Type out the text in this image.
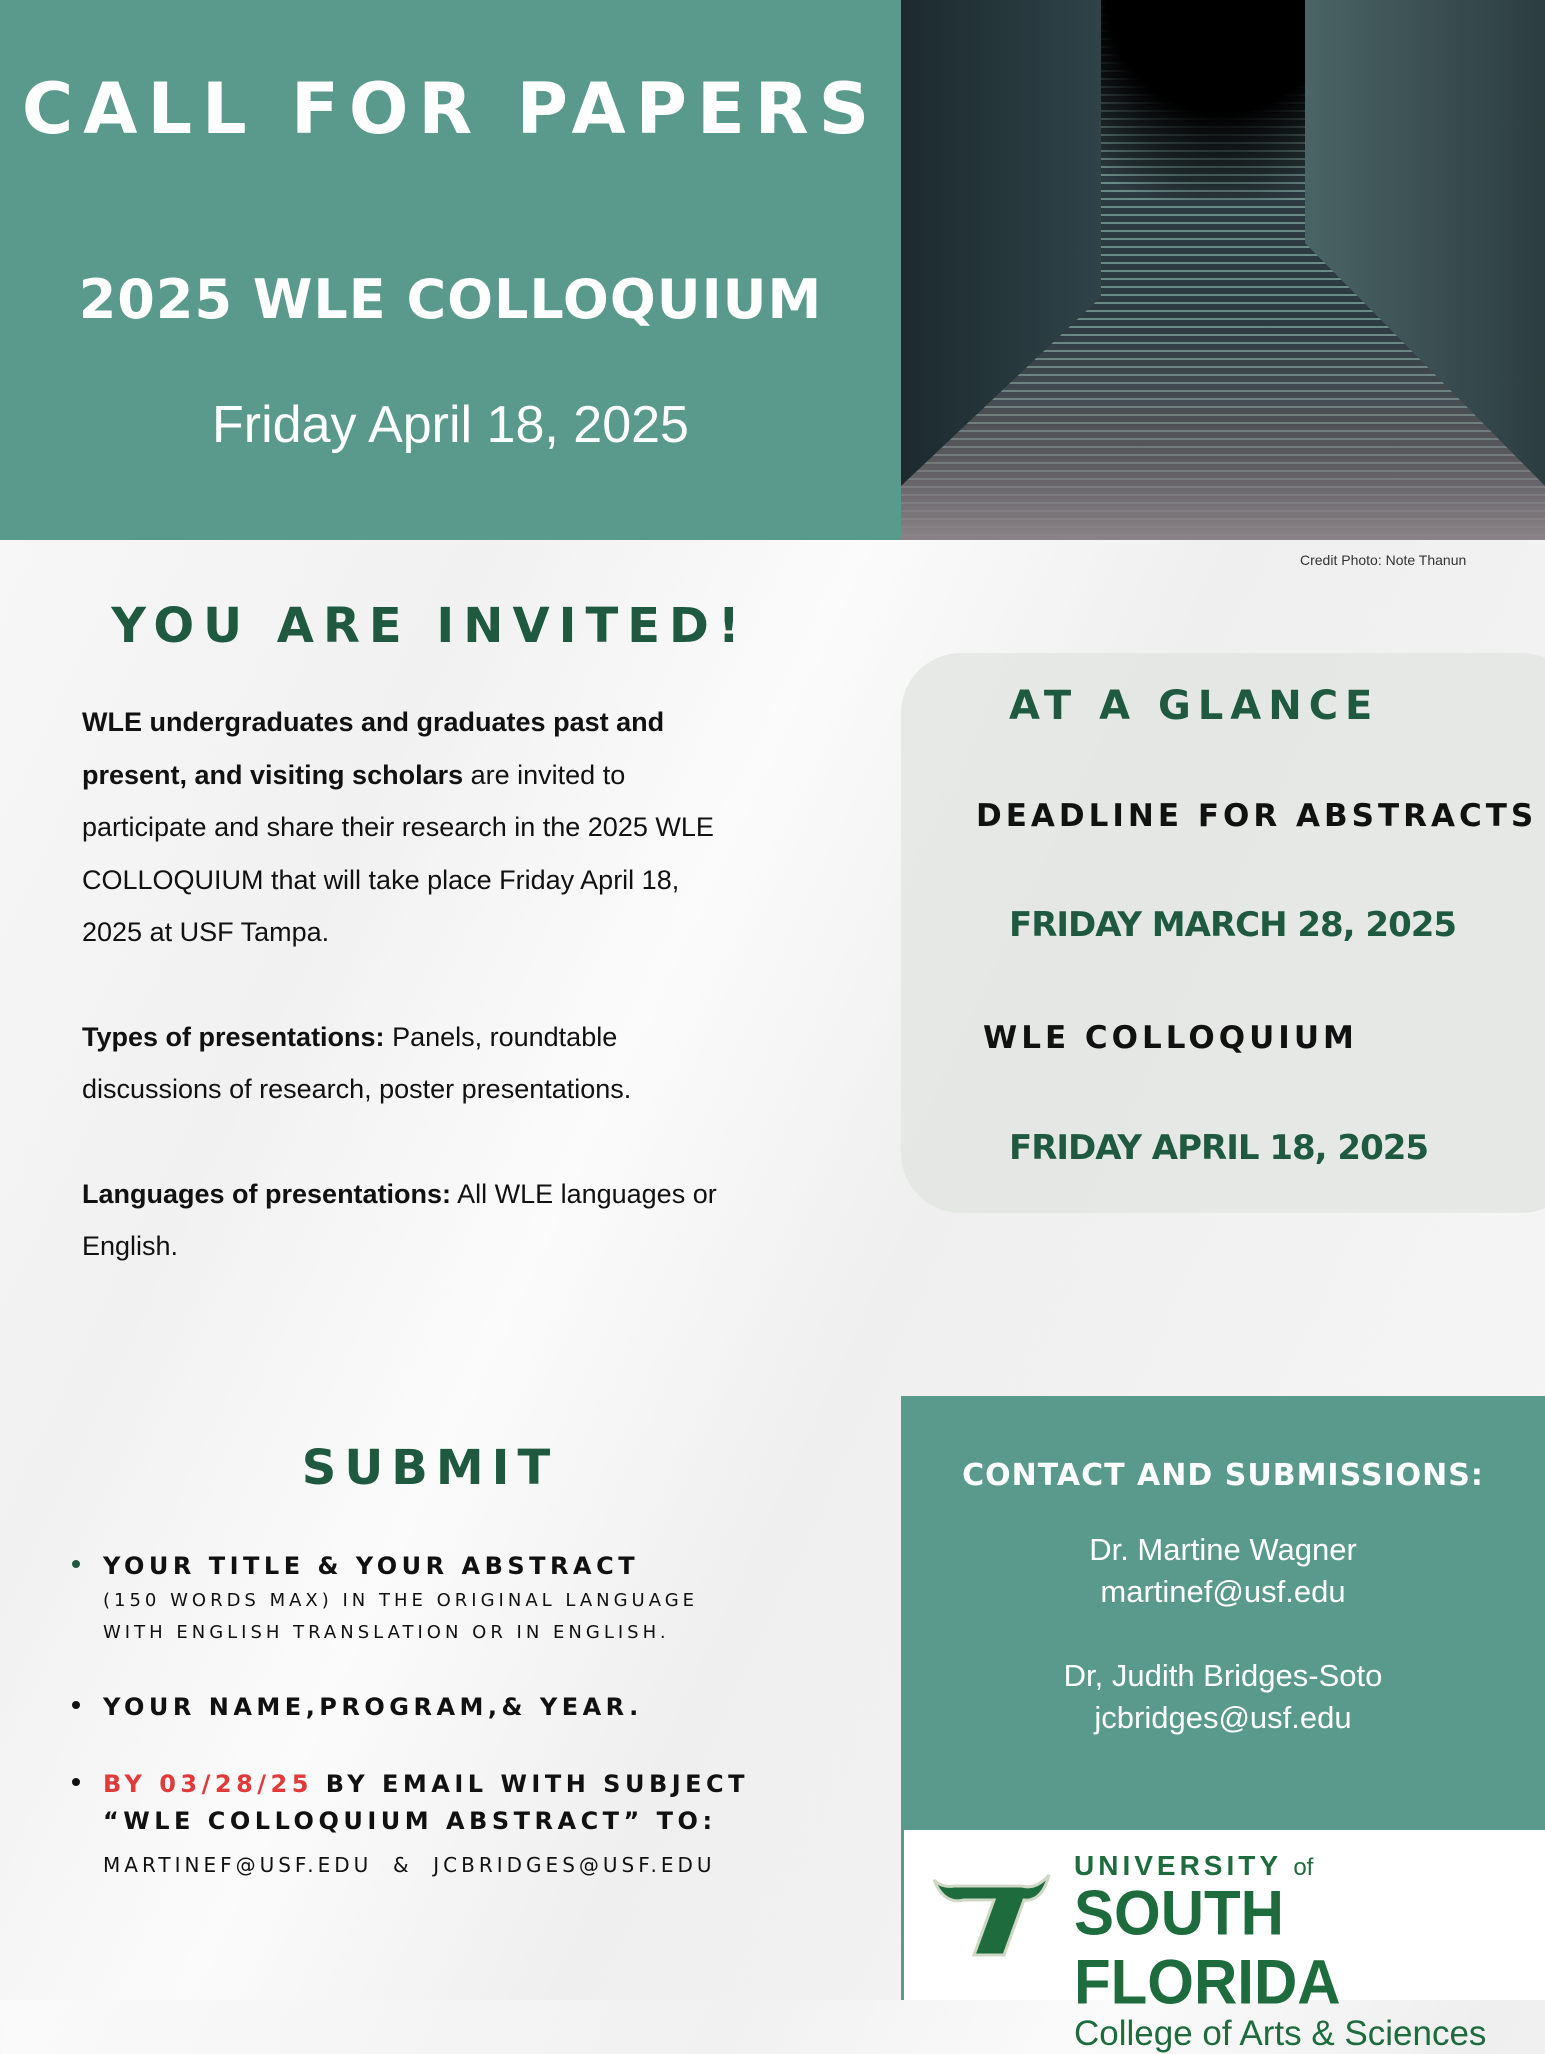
CALL FOR PAPERS
2025 WLE COLLOQUIUM
Friday April 18, 2025
Credit Photo: Note Thanun
YOU ARE INVITED!

WLE undergraduates and graduates past and present, and visiting scholars are invited to participate and share their research in the 2025 WLE COLLOQUIUM that will take place Friday April 18, 2025 at USF Tampa.

Types of presentations: Panels, roundtable discussions of research, poster presentations.

Languages of presentations: All WLE languages or English.

AT A GLANCE
DEADLINE FOR ABSTRACTS
FRIDAY MARCH 28, 2025
WLE COLLOQUIUM
FRIDAY APRIL 18, 2025
SUBMIT
YOUR TITLE & YOUR ABSTRACT
(150 WORDS MAX) IN THE ORIGINAL LANGUAGE WITH ENGLISH TRANSLATION OR IN ENGLISH.
YOUR NAME,PROGRAM,& YEAR.
BY 03/28/25 BY EMAIL WITH SUBJECT “WLE COLLOQUIUM ABSTRACT” TO:
MARTINEF@USF.EDU  &  JCBRIDGES@USF.EDU
CONTACT AND SUBMISSIONS:
Dr. Martine Wagner
martinef@usf.edu
Dr, Judith Bridges-Soto
jcbridges@usf.edu
UNIVERSITY of
SOUTH FLORIDA
College of Arts & Sciences
